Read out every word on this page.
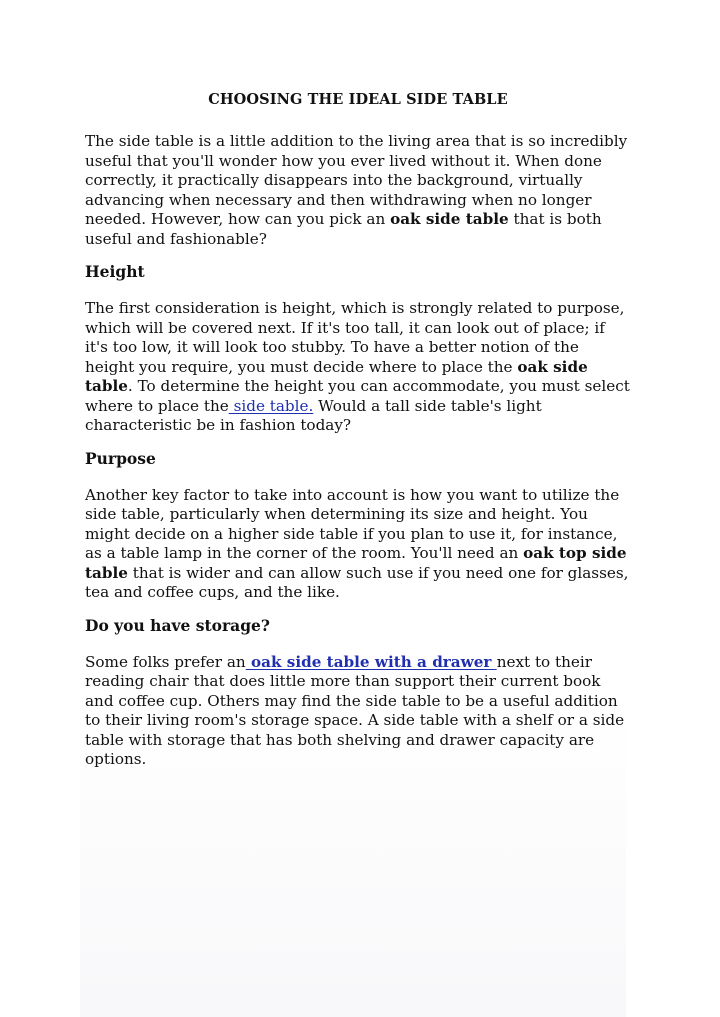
CHOOSING THE IDEAL SIDE TABLE

The side table is a little addition to the living area that is so incredibly useful that you'll wonder how you ever lived without it. When done correctly, it practically disappears into the background, virtually advancing when necessary and then withdrawing when no longer needed. However, how can you pick an oak side table that is both useful and fashionable?

Height

The first consideration is height, which is strongly related to purpose, which will be covered next. If it's too tall, it can look out of place; if it's too low, it will look too stubby. To have a better notion of the height you require, you must decide where to place the oak side table. To determine the height you can accommodate, you must select where to place the side table. Would a tall side table's light characteristic be in fashion today?

Purpose

Another key factor to take into account is how you want to utilize the side table, particularly when determining its size and height. You might decide on a higher side table if you plan to use it, for instance, as a table lamp in the corner of the room. You'll need an oak top side table that is wider and can allow such use if you need one for glasses, tea and coffee cups, and the like.

Do you have storage?

Some folks prefer an oak side table with a drawer next to their reading chair that does little more than support their current book and coffee cup. Others may find the side table to be a useful addition to their living room's storage space. A side table with a shelf or a side table with storage that has both shelving and drawer capacity are options.
